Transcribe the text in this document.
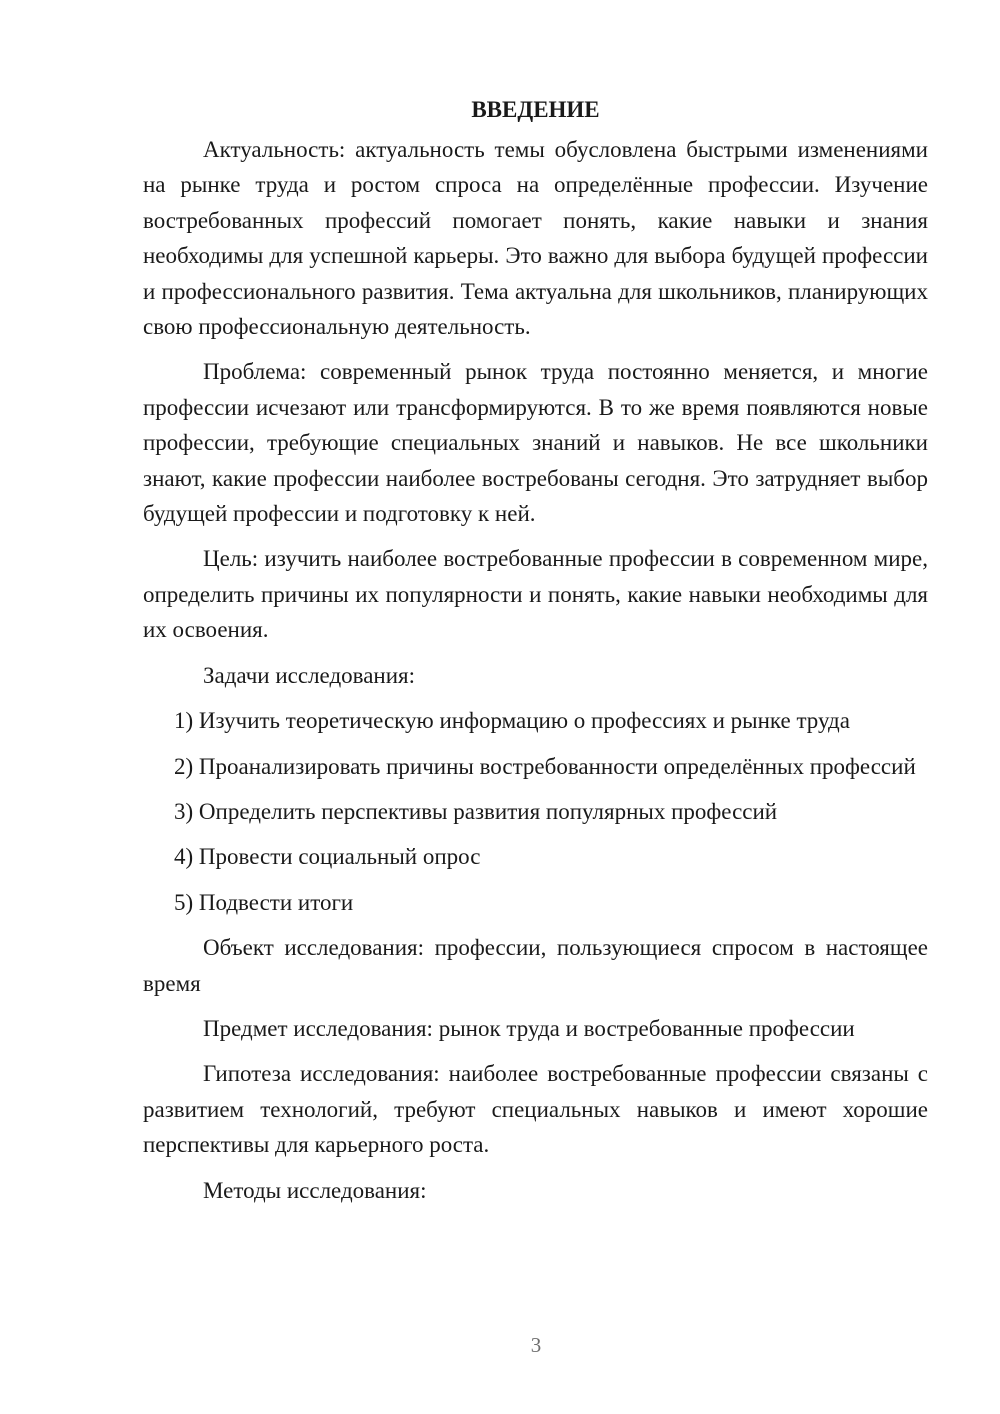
ВВЕДЕНИЕ

Актуальность: актуальность темы обусловлена быстрыми изменениями на рынке труда и ростом спроса на определённые профессии. Изучение востребованных профессий помогает понять, какие навыки и знания необходимы для успешной карьеры. Это важно для выбора будущей профессии и профессионального развития. Тема актуальна для школьников, планирующих свою профессиональную деятельность.

Проблема: современный рынок труда постоянно меняется, и многие профессии исчезают или трансформируются. В то же время появляются новые профессии, требующие специальных знаний и навыков. Не все школьники знают, какие профессии наиболее востребованы сегодня. Это затрудняет выбор будущей профессии и подготовку к ней.

Цель: изучить наиболее востребованные профессии в современном мире, определить причины их популярности и понять, какие навыки необходимы для их освоения.

Задачи исследования:

1) Изучить теоретическую информацию о профессиях и рынке труда

2) Проанализировать причины востребованности определённых профессий

3) Определить перспективы развития популярных профессий

4) Провести социальный опрос

5) Подвести итоги

Объект исследования: профессии, пользующиеся спросом в настоящее время

Предмет исследования: рынок труда и востребованные профессии

Гипотеза исследования: наиболее востребованные профессии связаны с развитием технологий, требуют специальных навыков и имеют хорошие перспективы для карьерного роста.

Методы исследования:

3
